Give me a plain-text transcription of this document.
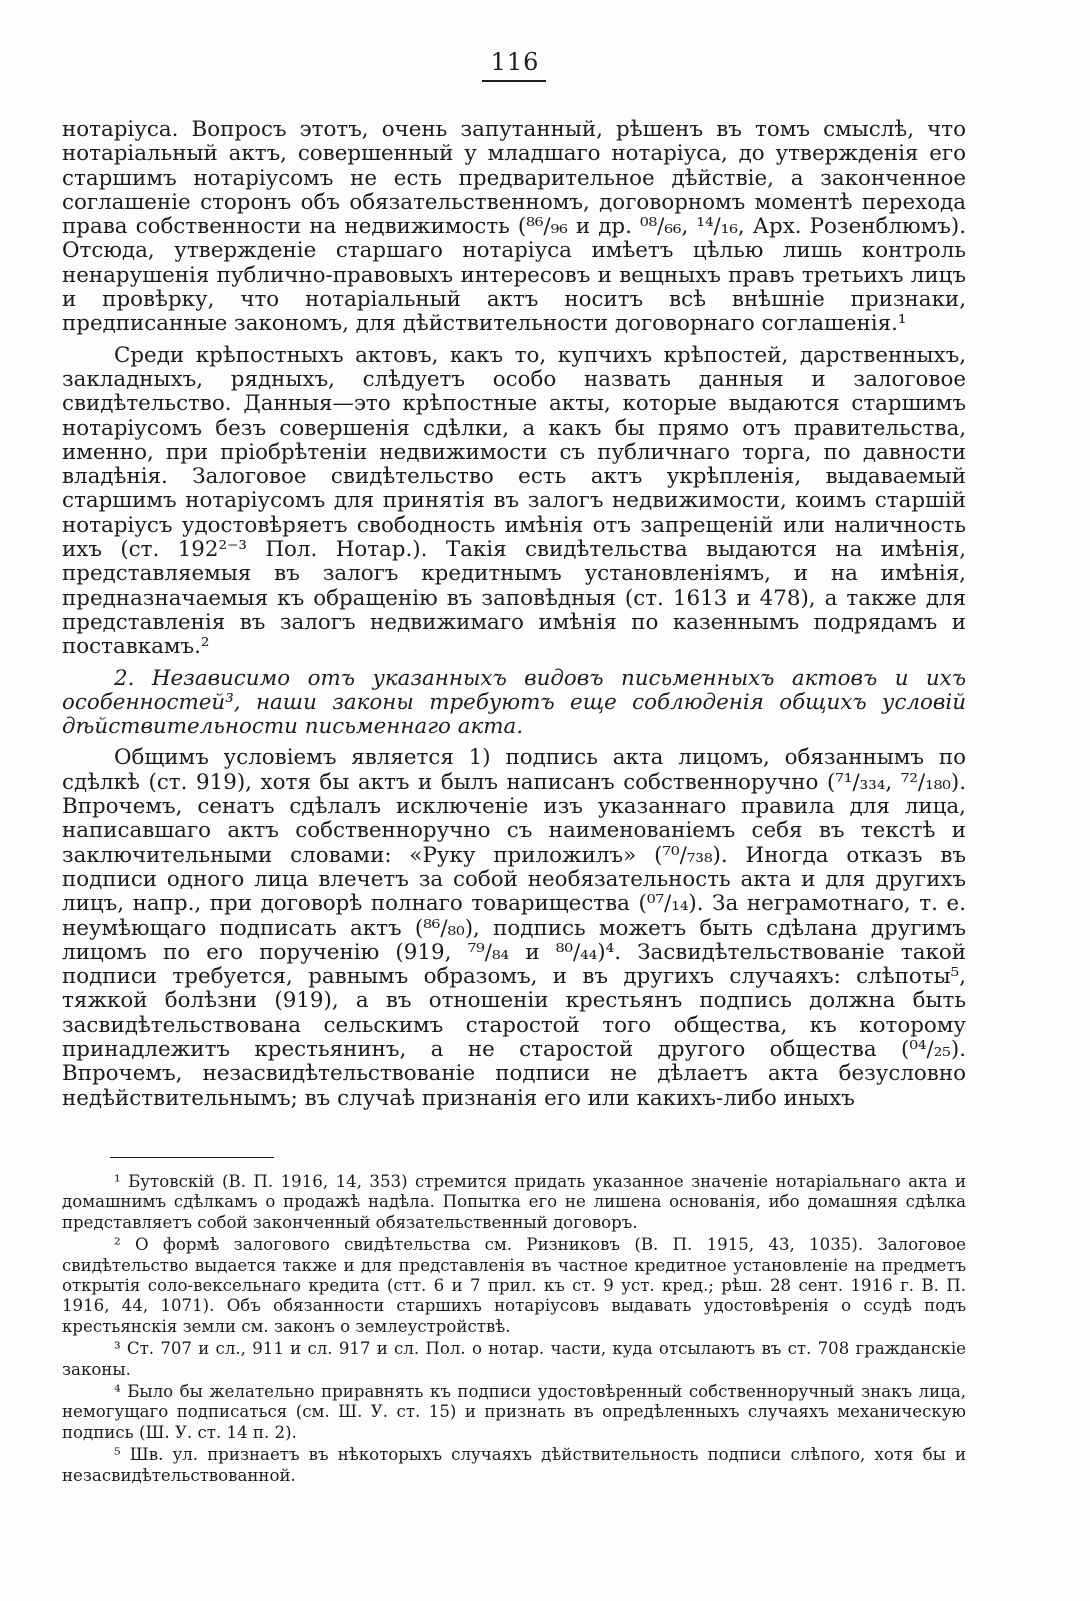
116

нотаріуса. Вопросъ этотъ, очень запутанный, рѣшенъ въ томъ смыслѣ, что нотаріальный актъ, совершенный у младшаго нотаріуса, до утвержденія его старшимъ нотаріусомъ не есть предварительное дѣйствіе, а законченное соглашеніе сторонъ объ обязательственномъ, договорномъ моментѣ перехода права собственности на недвижимость (⁸⁶/₉₆ и др. ⁰⁸/₆₆, ¹⁴/₁₆, Арх. Розенблюмъ). Отсюда, утвержденіе старшаго нотаріуса имѣетъ цѣлью лишь контроль ненарушенія публично-правовыхъ интересовъ и вещныхъ правъ третьихъ лицъ и провѣрку, что нотаріальный актъ носитъ всѣ внѣшніе признаки, предписанные закономъ, для дѣйствительности договорнаго соглашенія.¹

Среди крѣпостныхъ актовъ, какъ то, купчихъ крѣпостей, дарственныхъ, закладныхъ, рядныхъ, слѣдуетъ особо назвать данныя и залоговое свидѣтельство. Данныя—это крѣпостные акты, которые выдаются старшимъ нотаріусомъ безъ совершенія сдѣлки, а какъ бы прямо отъ правительства, именно, при пріобрѣтеніи недвижимости съ публичнаго торга, по давности владѣнія. Залоговое свидѣтельство есть актъ укрѣпленія, выдаваемый старшимъ нотаріусомъ для принятія въ залогъ недвижимости, коимъ старшій нотаріусъ удостовѣряетъ свободность имѣнія отъ запрещеній или наличность ихъ (ст. 192²⁻³ Пол. Нотар.). Такія свидѣтельства выдаются на имѣнія, представляемыя въ залогъ кредитнымъ установленіямъ, и на имѣнія, предназначаемыя къ обращенію въ заповѣдныя (ст. 1613 и 478), а также для представленія въ залогъ недвижимаго имѣнія по казеннымъ подрядамъ и поставкамъ.²

2. Независимо отъ указанныхъ видовъ письменныхъ актовъ и ихъ особенностей³, наши законы требуютъ еще соблюденія общихъ условій дѣйствительности письменнаго акта.

Общимъ условіемъ является 1) подпись акта лицомъ, обязаннымъ по сдѣлкѣ (ст. 919), хотя бы актъ и былъ написанъ собственноручно (⁷¹/₃₃₄, ⁷²/₁₈₀). Впрочемъ, сенатъ сдѣлалъ исключеніе изъ указаннаго правила для лица, написавшаго актъ собственноручно съ наименованіемъ себя въ текстѣ и заключительными словами: «Руку приложилъ» (⁷⁰/₇₃₈). Иногда отказъ въ подписи одного лица влечетъ за собой необязательность акта и для другихъ лицъ, напр., при договорѣ полнаго товарищества (⁰⁷/₁₄). За неграмотнаго, т. е. неумѣющаго подписать актъ (⁸⁶/₈₀), подпись можетъ быть сдѣлана другимъ лицомъ по его порученію (919, ⁷⁹/₈₄ и ⁸⁰/₄₄)⁴. Засвидѣтельствованіе такой подписи требуется, равнымъ образомъ, и въ другихъ случаяхъ: слѣпоты⁵, тяжкой болѣзни (919), а въ отношеніи крестьянъ подпись должна быть засвидѣтельствована сельскимъ старостой того общества, къ которому принадлежитъ крестьянинъ, а не старостой другого общества (⁰⁴/₂₅). Впрочемъ, незасвидѣтельствованіе подписи не дѣлаетъ акта безусловно недѣйствительнымъ; въ случаѣ признанія его или какихъ-либо иныхъ

¹ Бутовскій (В. П. 1916, 14, 353) стремится придать указанное значеніе нотаріальнаго акта и домашнимъ сдѣлкамъ о продажѣ надѣла. Попытка его не лишена основанія, ибо домашняя сдѣлка представляетъ собой законченный обязательственный договоръ.

² О формѣ залогового свидѣтельства см. Ризниковъ (В. П. 1915, 43, 1035). Залоговое свидѣтельство выдается также и для представленія въ частное кредитное установленіе на предметъ открытія соло-вексельнаго кредита (стт. 6 и 7 прил. къ ст. 9 уст. кред.; рѣш. 28 сент. 1916 г. В. П. 1916, 44, 1071). Объ обязанности старшихъ нотаріусовъ выдавать удостовѣренія о ссудѣ подъ крестьянскія земли см. законъ о землеустройствѣ.

³ Ст. 707 и сл., 911 и сл. 917 и сл. Пол. о нотар. части, куда отсылаютъ въ ст. 708 гражданскіе законы.

⁴ Было бы желательно приравнять къ подписи удостовѣренный собственноручный знакъ лица, немогущаго подписаться (см. Ш. У. ст. 15) и признать въ опредѣленныхъ случаяхъ механическую подпись (Ш. У. ст. 14 п. 2).

⁵ Шв. ул. признаетъ въ нѣкоторыхъ случаяхъ дѣйствительность подписи слѣпого, хотя бы и незасвидѣтельствованной.
